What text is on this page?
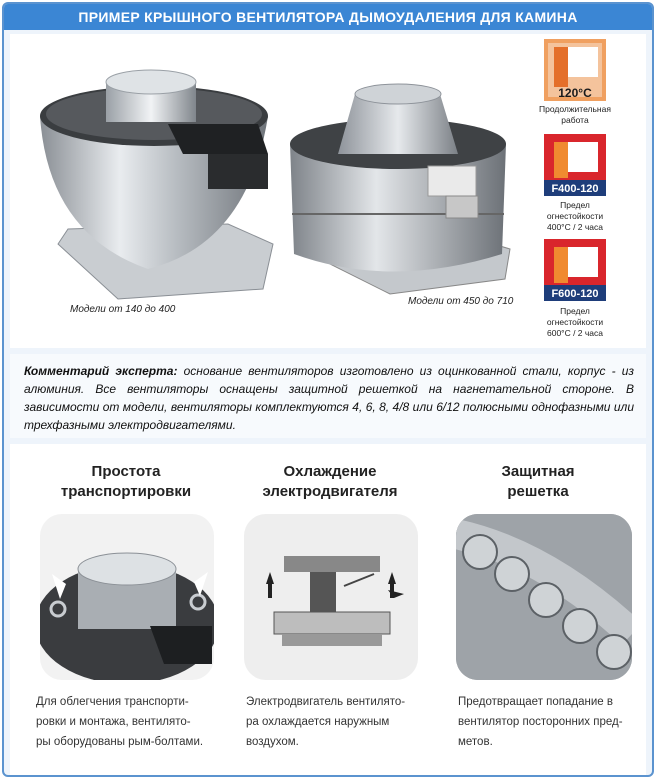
ПРИМЕР КРЫШНОГО ВЕНТИЛЯТОРА ДЫМОУДАЛЕНИЯ ДЛЯ КАМИНА
Модели от 140 до 400
Модели от 450 до 710
120°C
Продолжительная
работа
F400-120
Предел
огнестойкости
400°C / 2 часа
F600-120
Предел
огнестойкости
600°C / 2 часа
Комментарий эксперта: основание вентиляторов изготовлено из оцинкованной стали, корпус - из алюминия. Все вентиляторы оснащены защитной решеткой на нагнетательной стороне. В зависимости от модели, вентиляторы комплектуются 4, 6, 8, 4/8 или 6/12 полюсными однофазными или трехфазными электродвигателями.
Простота
транспортировки
Для облегчения транспорти-
ровки и монтажа, вентилято-
ры оборудованы рым-болтами.
Охлаждение
электродвигателя
Электродвигатель вентилято-
ра охлаждается наружным
воздухом.
Защитная
решетка
Предотвращает попадание в
вентилятор посторонних пред-
метов.
